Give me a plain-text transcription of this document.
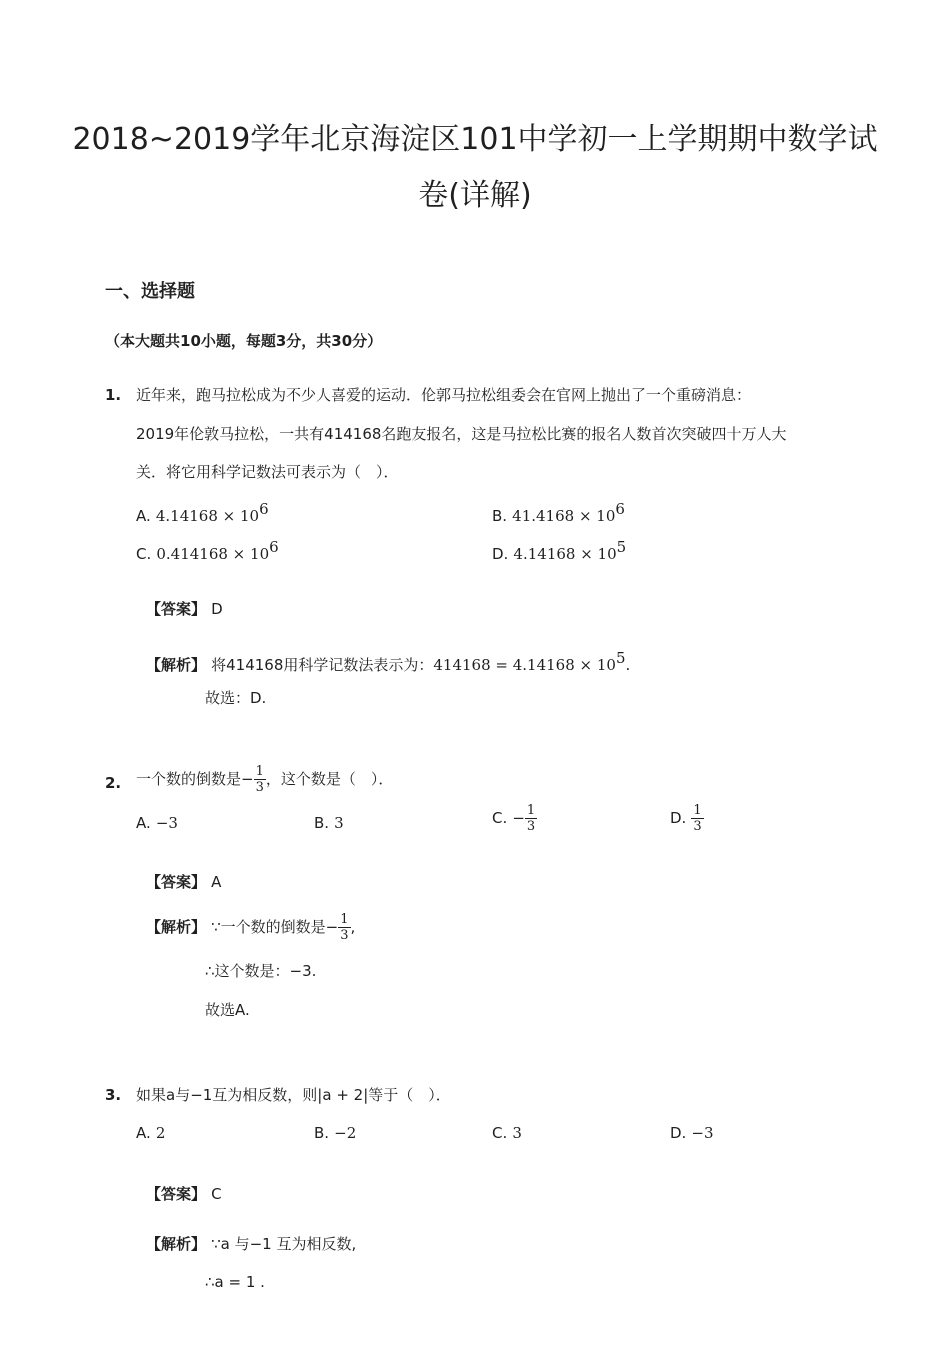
2018~2019学年北京海淀区101中学初一上学期期中数学试卷(详解)
一、选择题
（本大题共10小题，每题3分，共30分）
1. 近年来，跑马拉松成为不少人喜爱的运动．伦郭马拉松组委会在官网上抛出了一个重磅消息：
2019年伦敦马拉松，一共有414168名跑友报名，这是马拉松比赛的报名人数首次突破四十万人大
关．将它用科学记数法可表示为（　）．
A. $4.14168 \times 10^6$	B. $41.4168 \times 10^6$
C. $0.414168 \times 10^6$	D. $4.14168 \times 10^5$
【答案】 D
【解析】 将414168用科学记数法表示为：$414168 = 4.14168 \times 10^5$.
故选：D.
2. 一个数的倒数是− $\frac{1}{3}$ ，这个数是（　）．
A. −3	B. 3	C. − $\frac{1}{3}$	D. $\frac{1}{3}$
【答案】 A
【解析】 ∵一个数的倒数是− $\frac{1}{3}$ ,
∴这个数是：−3.
故选A.
3. 如果a与−1互为相反数，则|a + 2|等于（　）．
A. 2	B. −2	C. 3	D. −3
【答案】 C
【解析】 ∵a 与−1 互为相反数,
∴a = 1 .
